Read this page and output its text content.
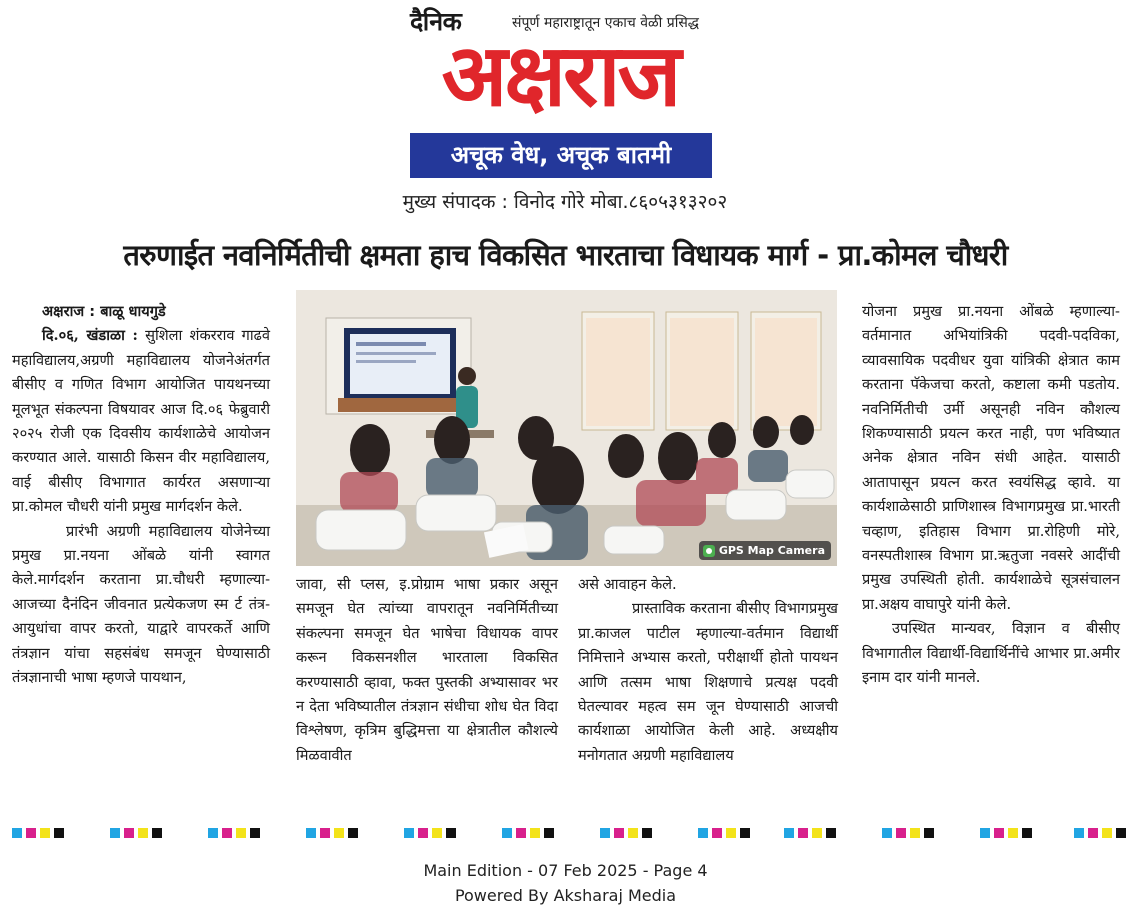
दैनिक	संपूर्ण महाराष्ट्रातून एकाच वेळी प्रसिद्ध
अक्षराज
अचूक वेध, अचूक बातमी
मुख्य संपादक : विनोद गोरे मोबा.८६०५३१३२०२
तरुणाईत नवनिर्मितीची क्षमता हाच विकसित भारताचा विधायक मार्ग - प्रा.कोमल चौधरी

अक्षराज : बाळू धायगुडे

दि.०६, खंडाळा : सुशिला शंकरराव गाढवे महाविद्यालय,अग्रणी महाविद्यालय योजनेअंतर्गत बीसीए व गणित विभाग आयोजित पायथनच्या मूलभूत संकल्पना विषयावर आज दि.०६ फेब्रुवारी २०२५ रोजी एक दिवसीय कार्यशाळेचे आयोजन करण्यात आले. यासाठी किसन वीर महाविद्यालय, वाई बीसीए विभागात कार्यरत असणाऱ्या प्रा.कोमल चौधरी यांनी प्रमुख मार्गदर्शन केले.

प्रारंभी अग्रणी महाविद्यालय योजेनेच्या प्रमुख प्रा.नयना ओंबळे यांनी स्वागत केले.मार्गदर्शन करताना प्रा.चौधरी म्हणाल्या-आजच्या दैनंदिन जीवनात प्रत्येकजण स्म र्ट तंत्र-आयुधांचा वापर करतो, याद्वारे वापरकर्ते आणि तंत्रज्ञान यांचा सहसंबंध समजून घेण्यासाठी तंत्रज्ञानाची भाषा म्हणजे पायथान,

GPS Map Camera

जावा, सी प्लस, इ.प्रोग्राम भाषा प्रकार असून समजून घेत त्यांच्या वापरातून नवनिर्मितीच्या संकल्पना समजून घेत भाषेचा विधायक वापर करून विकसनशील भारताला विकसित करण्यासाठी व्हावा, फक्त पुस्तकी अभ्यासावर भर न देता भविष्यातील तंत्रज्ञान संधीचा शोध घेत विदा विश्लेषण, कृत्रिम बुद्धिमत्ता या क्षेत्रातील कौशल्ये मिळवावीत

असे आवाहन केले.

प्रास्ताविक करताना बीसीए विभागप्रमुख प्रा.काजल पाटील म्हणाल्या-वर्तमान विद्यार्थी निमित्ताने अभ्यास करतो, परीक्षार्थी होतो पायथन आणि तत्सम भाषा शिक्षणाचे प्रत्यक्ष पदवी घेतल्यावर महत्व सम जून घेण्यासाठी आजची कार्यशाळा आयोजित केली आहे. अध्यक्षीय मनोगतात अग्रणी महाविद्यालय

योजना प्रमुख प्रा.नयना ओंबळे म्हणाल्या-वर्तमानात अभियांत्रिकी पदवी-पदविका, व्यावसायिक पदवीधर युवा यांत्रिकी क्षेत्रात काम करताना पॅकेजचा करतो, कष्टाला कमी पडतोय. नवनिर्मितीची उर्मी असूनही नविन कौशल्य शिकण्यासाठी प्रयत्न करत नाही, पण भविष्यात अनेक क्षेत्रात नविन संधी आहेत. यासाठी आतापासून प्रयत्न करत स्वयंसिद्ध व्हावे. या कार्यशाळेसाठी प्राणिशास्त्र विभागप्रमुख प्रा.भारती चव्हाण, इतिहास विभाग प्रा.रोहिणी मोरे, वनस्पतीशास्त्र विभाग प्रा.ऋतुजा नवसरे आदींची प्रमुख उपस्थिती होती. कार्यशाळेचे सूत्रसंचालन प्रा.अक्षय वाघापुरे यांनी केले.

उपस्थित मान्यवर, विज्ञान व बीसीए विभागातील विद्यार्थी-विद्यार्थिनींचे आभार प्रा.अमीर इनाम दार यांनी मानले.

Main Edition - 07 Feb 2025 - Page 4
Powered By Aksharaj Media
